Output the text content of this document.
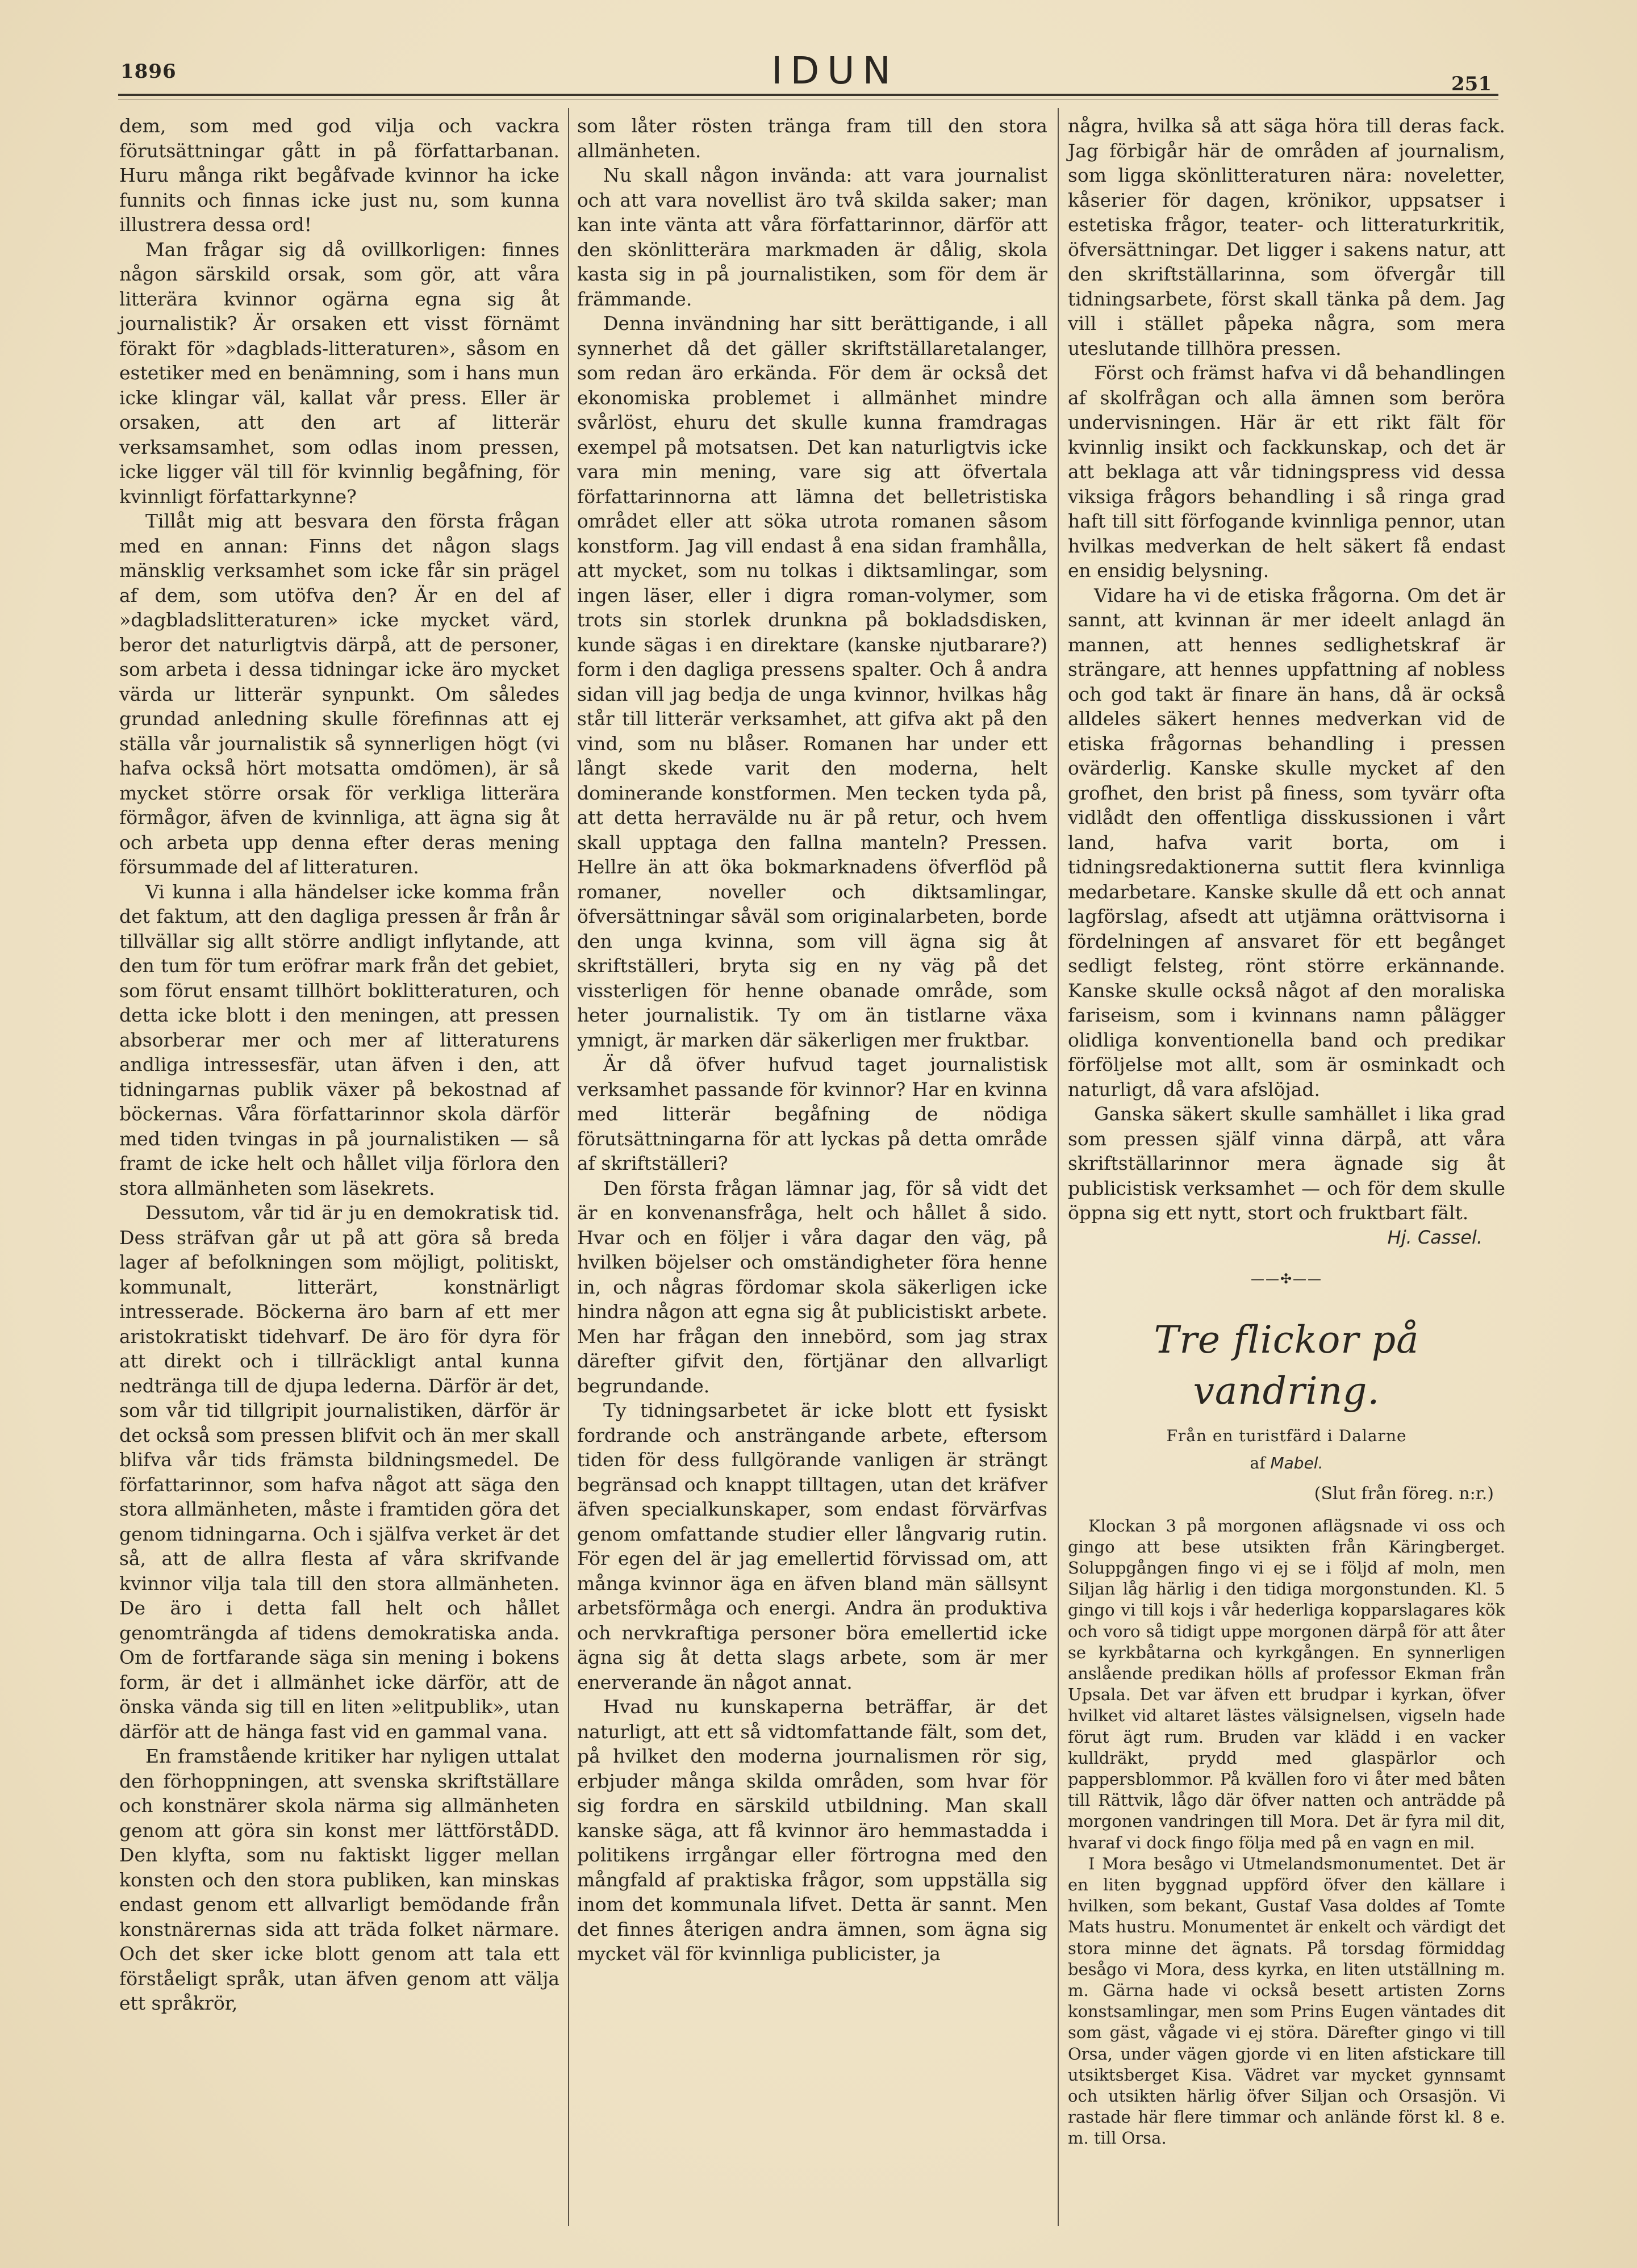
1896	IDUN	251

dem, som med god vilja och vackra förutsättningar gått in på författarbanan. Huru många rikt begåfvade kvinnor ha icke funnits och finnas icke just nu, som kunna illustrera dessa ord!

Man frågar sig då ovillkorligen: finnes någon särskild orsak, som gör, att våra litterära kvinnor ogärna egna sig åt journalistik? Är orsaken ett visst förnämt förakt för »dagblads-litteraturen», såsom en estetiker med en benämning, som i hans mun icke klingar väl, kallat vår press. Eller är orsaken, att den art af litterär verksamsamhet, som odlas inom pressen, icke ligger väl till för kvinnlig begåfning, för kvinnligt författarkynne?

Tillåt mig att besvara den första frågan med en annan: Finns det någon slags mänsklig verksamhet som icke får sin prägel af dem, som utöfva den? Är en del af »dagbladslitteraturen» icke mycket värd, beror det naturligtvis därpå, att de personer, som arbeta i dessa tidningar icke äro mycket värda ur litterär synpunkt. Om således grundad anledning skulle förefinnas att ej ställa vår journalistik så synnerligen högt (vi hafva också hört motsatta omdömen), är så mycket större orsak för verkliga litterära förmågor, äfven de kvinnliga, att ägna sig åt och arbeta upp denna efter deras mening försummade del af litteraturen.

Vi kunna i alla händelser icke komma från det faktum, att den dagliga pressen år från år tillvällar sig allt större andligt inflytande, att den tum för tum eröfrar mark från det gebiet, som förut ensamt tillhört boklitteraturen, och detta icke blott i den meningen, att pressen absorberar mer och mer af litteraturens andliga intressesfär, utan äfven i den, att tidningarnas publik växer på bekostnad af böckernas. Våra författarinnor skola därför med tiden tvingas in på journalistiken — så framt de icke helt och hållet vilja förlora den stora allmänheten som läsekrets.

Dessutom, vår tid är ju en demokratisk tid. Dess sträfvan går ut på att göra så breda lager af befolkningen som möjligt, politiskt, kommunalt, litterärt, konstnärligt intresserade. Böckerna äro barn af ett mer aristokratiskt tidehvarf. De äro för dyra för att direkt och i tillräckligt antal kunna nedtränga till de djupa lederna. Därför är det, som vår tid tillgripit journalistiken, därför är det också som pressen blifvit och än mer skall blifva vår tids främsta bildningsmedel. De författarinnor, som hafva något att säga den stora allmänheten, måste i framtiden göra det genom tidningarna. Och i själfva verket är det så, att de allra flesta af våra skrifvande kvinnor vilja tala till den stora allmänheten. De äro i detta fall helt och hållet genomträngda af tidens demokratiska anda. Om de fortfarande säga sin mening i bokens form, är det i allmänhet icke därför, att de önska vända sig till en liten »elitpublik», utan därför att de hänga fast vid en gammal vana.

En framstående kritiker har nyligen uttalat den förhoppningen, att svenska skriftställare och konstnärer skola närma sig allmänheten genom att göra sin konst mer lättförståDD. Den klyfta, som nu faktiskt ligger mellan konsten och den stora publiken, kan minskas endast genom ett allvarligt bemödande från konstnärernas sida att träda folket närmare. Och det sker icke blott genom att tala ett förståeligt språk, utan äfven genom att välja ett språkrör,

som låter rösten tränga fram till den stora allmänheten.

Nu skall någon invända: att vara journalist och att vara novellist äro två skilda saker; man kan inte vänta att våra författarinnor, därför att den skönlitterära markmaden är dålig, skola kasta sig in på journalistiken, som för dem är främmande.

Denna invändning har sitt berättigande, i all synnerhet då det gäller skriftställaretalanger, som redan äro erkända. För dem är också det ekonomiska problemet i allmänhet mindre svårlöst, ehuru det skulle kunna framdragas exempel på motsatsen. Det kan naturligtvis icke vara min mening, vare sig att öfvertala författarinnorna att lämna det belletristiska området eller att söka utrota romanen såsom konstform. Jag vill endast å ena sidan framhålla, att mycket, som nu tolkas i diktsamlingar, som ingen läser, eller i digra roman-volymer, som trots sin storlek drunkna på bokladsdisken, kunde sägas i en direktare (kanske njutbarare?) form i den dagliga pressens spalter. Och å andra sidan vill jag bedja de unga kvinnor, hvilkas håg står till litterär verksamhet, att gifva akt på den vind, som nu blåser. Romanen har under ett långt skede varit den moderna, helt dominerande konstformen. Men tecken tyda på, att detta herravälde nu är på retur, och hvem skall upptaga den fallna manteln? Pressen. Hellre än att öka bokmarknadens öfverflöd på romaner, noveller och diktsamlingar, öfversättningar såväl som originalarbeten, borde den unga kvinna, som vill ägna sig åt skriftställeri, bryta sig en ny väg på det vissterligen för henne obanade område, som heter journalistik. Ty om än tistlarne växa ymnigt, är marken där säkerligen mer fruktbar.

Är då öfver hufvud taget journalistisk verksamhet passande för kvinnor? Har en kvinna med litterär begåfning de nödiga förutsättningarna för att lyckas på detta område af skriftställeri?

Den första frågan lämnar jag, för så vidt det är en konvenansfråga, helt och hållet å sido. Hvar och en följer i våra dagar den väg, på hvilken böjelser och omständigheter föra henne in, och någras fördomar skola säkerligen icke hindra någon att egna sig åt publicistiskt arbete. Men har frågan den innebörd, som jag strax därefter gifvit den, förtjänar den allvarligt begrundande.

Ty tidningsarbetet är icke blott ett fysiskt fordrande och ansträngande arbete, eftersom tiden för dess fullgörande vanligen är strängt begränsad och knappt tilltagen, utan det kräfver äfven specialkunskaper, som endast förvärfvas genom omfattande studier eller långvarig rutin. För egen del är jag emellertid förvissad om, att många kvinnor äga en äfven bland män sällsynt arbetsförmåga och energi. Andra än produktiva och nervkraftiga personer böra emellertid icke ägna sig åt detta slags arbete, som är mer enerverande än något annat.

Hvad nu kunskaperna beträffar, är det naturligt, att ett så vidtomfattande fält, som det, på hvilket den moderna journalismen rör sig, erbjuder många skilda områden, som hvar för sig fordra en särskild utbildning. Man skall kanske säga, att få kvinnor äro hemmastadda i politikens irrgångar eller förtrogna med den mångfald af praktiska frågor, som uppställa sig inom det kommunala lifvet. Detta är sannt. Men det finnes återigen andra ämnen, som ägna sig mycket väl för kvinnliga publicister, ja

några, hvilka så att säga höra till deras fack. Jag förbigår här de områden af journalism, som ligga skönlitteraturen nära: noveletter, kåserier för dagen, krönikor, uppsatser i estetiska frågor, teater- och litteraturkritik, öfversättningar. Det ligger i sakens natur, att den skriftställarinna, som öfvergår till tidningsarbete, först skall tänka på dem. Jag vill i stället påpeka några, som mera uteslutande tillhöra pressen.

Först och främst hafva vi då behandlingen af skolfrågan och alla ämnen som beröra undervisningen. Här är ett rikt fält för kvinnlig insikt och fackkunskap, och det är att beklaga att vår tidningspress vid dessa viksiga frågors behandling i så ringa grad haft till sitt förfogande kvinnliga pennor, utan hvilkas medverkan de helt säkert få endast en ensidig belysning.

Vidare ha vi de etiska frågorna. Om det är sannt, att kvinnan är mer ideelt anlagd än mannen, att hennes sedlighetskraf är strängare, att hennes uppfattning af nobless och god takt är finare än hans, då är också alldeles säkert hennes medverkan vid de etiska frågornas behandling i pressen ovärderlig. Kanske skulle mycket af den grofhet, den brist på finess, som tyvärr ofta vidlådt den offentliga disskussionen i vårt land, hafva varit borta, om i tidningsredaktionerna suttit flera kvinnliga medarbetare. Kanske skulle då ett och annat lagförslag, afsedt att utjämna orättvisorna i fördelningen af ansvaret för ett begånget sedligt felsteg, rönt större erkännande. Kanske skulle också något af den moraliska fariseism, som i kvinnans namn pålägger olidliga konventionella band och predikar förföljelse mot allt, som är osminkadt och naturligt, då vara afslöjad.

Ganska säkert skulle samhället i lika grad som pressen själf vinna därpå, att våra skriftställarinnor mera ägnade sig åt publicistisk verksamhet — och för dem skulle öppna sig ett nytt, stort och fruktbart fält.

Hj. Cassel.
——✣——
Tre flickor på vandring.
Från en turistfärd i Dalarne
af Mabel.
(Slut från föreg. n:r.)

Klockan 3 på morgonen aflägsnade vi oss och gingo att bese utsikten från Käringberget. Soluppgången fingo vi ej se i följd af moln, men Siljan låg härlig i den tidiga morgonstunden. Kl. 5 gingo vi till kojs i vår hederliga kopparslagares kök och voro så tidigt uppe morgonen därpå för att åter se kyrkbåtarna och kyrkgången. En synnerligen anslående predikan hölls af professor Ekman från Upsala. Det var äfven ett brudpar i kyrkan, öfver hvilket vid altaret lästes välsignelsen, vigseln hade förut ägt rum. Bruden var klädd i en vacker kulldräkt, prydd med glaspärlor och pappersblommor. På kvällen foro vi åter med båten till Rättvik, lågo där öfver natten och anträdde på morgonen vandringen till Mora. Det är fyra mil dit, hvaraf vi dock fingo följa med på en vagn en mil.

I Mora besågo vi Utmelandsmonumentet. Det är en liten byggnad uppförd öfver den källare i hvilken, som bekant, Gustaf Vasa doldes af Tomte Mats hustru. Monumentet är enkelt och värdigt det stora minne det ägnats. På torsdag förmiddag besågo vi Mora, dess kyrka, en liten utställning m. m. Gärna hade vi också besett artisten Zorns konstsamlingar, men som Prins Eugen väntades dit som gäst, vågade vi ej störa. Därefter gingo vi till Orsa, under vägen gjorde vi en liten afstickare till utsiktsberget Kisa. Vädret var mycket gynnsamt och utsikten härlig öfver Siljan och Orsasjön. Vi rastade här flere timmar och anlände först kl. 8 e. m. till Orsa.
